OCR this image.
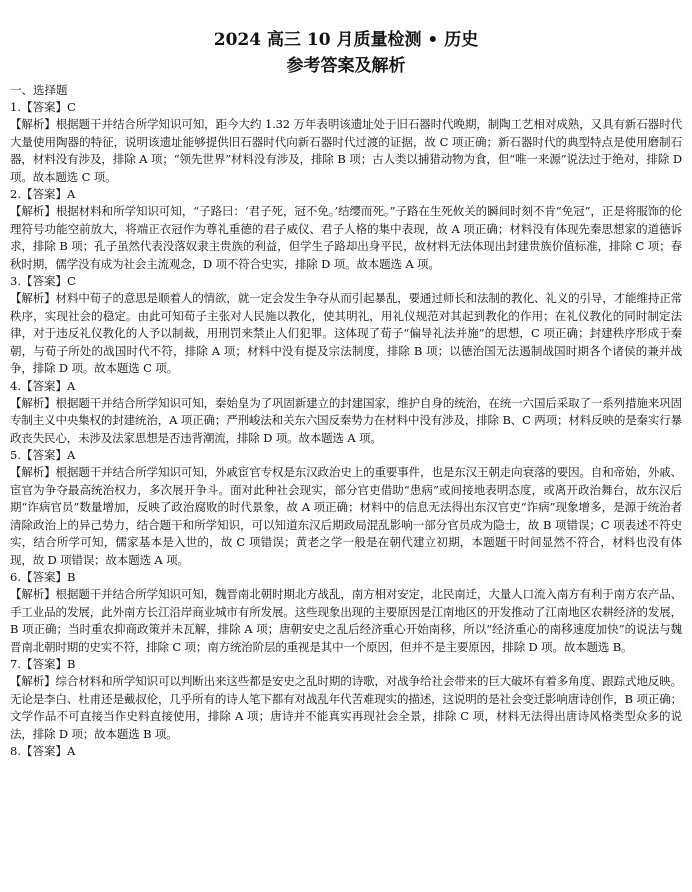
2024 高三 10 月质量检测 • 历史
参考答案及解析

一、选择题

1.【答案】C

【解析】根据题干并结合所学知识可知，距今大约 1.32 万年表明该遗址处于旧石器时代晚期，制陶工艺相对成熟，又具有新石器时代大量使用陶器的特征，说明该遗址能够提供旧石器时代向新石器时代过渡的证据，故 C 项正确；新石器时代的典型特点是使用磨制石器，材料没有涉及，排除 A 项；“领先世界”材料没有涉及，排除 B 项；古人类以捕猎动物为食，但“唯一来源”说法过于绝对，排除 D 项。故本题选 C 项。

2.【答案】A

【解析】根据材料和所学知识可知，“子路曰：‘君子死，冠不免。’结缨而死。”子路在生死攸关的瞬间时刻不肯“免冠”，正是将服饰的伦理符号功能空前放大，将端正衣冠作为尊礼重德的君子威仪、君子人格的集中表现，故 A 项正确；材料没有体现先秦思想家的道德诉求，排除 B 项；孔子虽然代表没落奴隶主贵族的利益，但学生子路却出身平民，故材料无法体现出封建贵族价值标准，排除 C 项；春秋时期，儒学没有成为社会主流观念，D 项不符合史实，排除 D 项。故本题选 A 项。

3.【答案】C

【解析】材料中荀子的意思是顺着人的情欲，就一定会发生争夺从而引起暴乱，要通过师长和法制的教化、礼义的引导，才能维持正常秩序，实现社会的稳定。由此可知荀子主张对人民施以教化，使其明礼，用礼仪规范对其起到教化的作用；在礼仪教化的同时制定法律，对于违反礼仪教化的人予以制裁，用刑罚来禁止人们犯罪。这体现了荀子“偏导礼法并施”的思想，C 项正确；封建秩序形成于秦朝，与荀子所处的战国时代不符，排除 A 项；材料中没有提及宗法制度，排除 B 项；以德治国无法遏制战国时期各个诸侯的兼并战争，排除 D 项。故本题选 C 项。

4.【答案】A

【解析】根据题干并结合所学知识可知，秦始皇为了巩固新建立的封建国家，维护自身的统治，在统一六国后采取了一系列措施来巩固专制主义中央集权的封建统治，A 项正确；严刑峻法和关东六国反秦势力在材料中没有涉及，排除 B、C 两项；材料反映的是秦实行暴政丧失民心，未涉及法家思想是否违背潮流，排除 D 项。故本题选 A 项。

5.【答案】A

【解析】根据题干并结合所学知识可知，外戚宦官专权是东汉政治史上的重要事件，也是东汉王朝走向衰落的要因。自和帝始，外戚、宦官为争夺最高统治权力，多次展开争斗。面对此种社会现实，部分官吏借助“患病”或间接地表明态度，或离开政治舞台，故东汉后期“诈病官员”数量增加，反映了政治腐败的时代景象，故 A 项正确；材料中的信息无法得出东汉官吏“诈病”现象增多，是源于统治者清除政治上的异己势力，结合题干和所学知识，可以知道东汉后期政局混乱影响一部分官员成为隐士，故 B 项错误；C 项表述不符史实，结合所学可知，儒家基本是入世的，故 C 项错误；黄老之学一般是在朝代建立初期，本题题干时间显然不符合，材料也没有体现，故 D 项错误；故本题选 A 项。

6.【答案】B

【解析】根据题干并结合所学知识可知，魏晋南北朝时期北方战乱，南方相对安定，北民南迁，大量人口流入南方有利于南方农产品、手工业品的发展，此外南方长江沿岸商业城市有所发展。这些现象出现的主要原因是江南地区的开发推动了江南地区农耕经济的发展，B 项正确；当时重农抑商政策并未瓦解，排除 A 项；唐朝安史之乱后经济重心开始南移，所以“经济重心的南移速度加快”的说法与魏晋南北朝时期的史实不符，排除 C 项；南方统治阶层的重视是其中一个原因，但并不是主要原因，排除 D 项。故本题选 B。

7.【答案】B

【解析】综合材料和所学知识可以判断出来这些都是安史之乱时期的诗歌，对战争给社会带来的巨大破坏有着多角度、跟踪式地反映。无论是李白、杜甫还是戴叔伦，几乎所有的诗人笔下都有对战乱年代苦难现实的描述，这说明的是社会变迁影响唐诗创作，B 项正确；文学作品不可直接当作史料直接使用，排除 A 项；唐诗并不能真实再现社会全景，排除 C 项，材料无法得出唐诗风格类型众多的说法，排除 D 项；故本题选 B 项。

8.【答案】A
